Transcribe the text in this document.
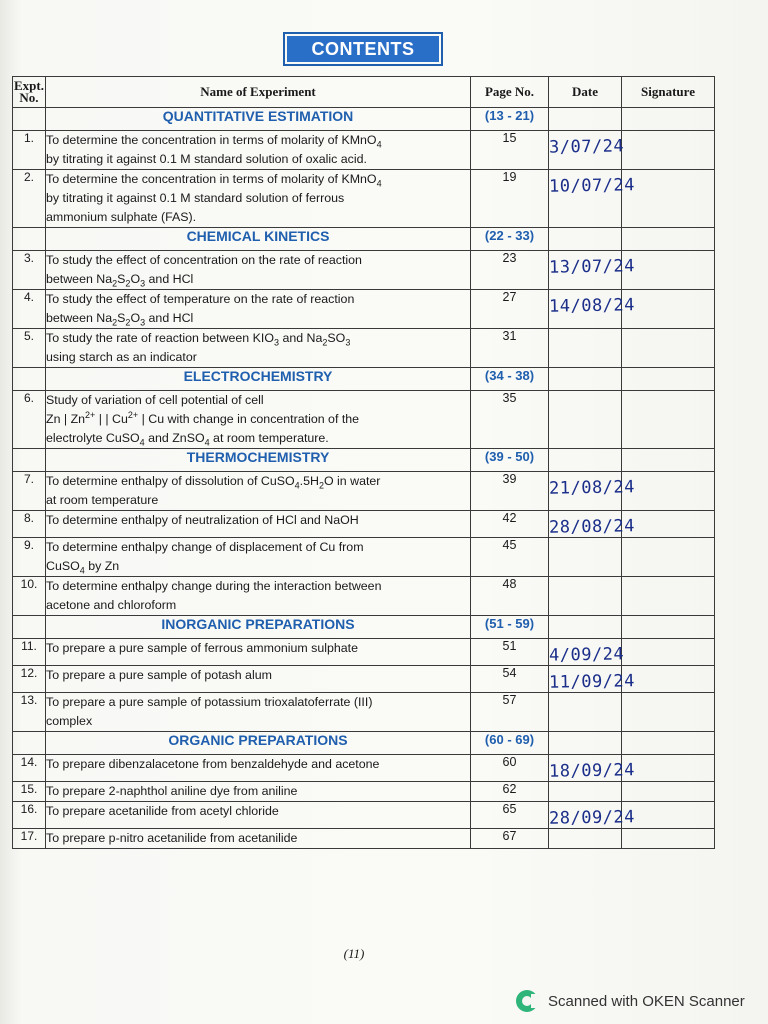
CONTENTS
Expt. No.	Name of Experiment	Page No.	Date	Signature
	QUANTITATIVE ESTIMATION	(13 - 21)		
1.	To determine the concentration in terms of molarity of KMnO$_4$
by titrating it against 0.1 M standard solution of oxalic acid.	15	3/07/24	
2.	To determine the concentration in terms of molarity of KMnO$_4$
by titrating it against 0.1 M standard solution of ferrous
ammonium sulphate (FAS).	19	10/07/24	
	CHEMICAL KINETICS	(22 - 33)		
3.	To study the effect of concentration on the rate of reaction
between $Na_2S_2O_3$ and HCl	23	13/07/24	
4.	To study the effect of temperature on the rate of reaction
between $Na_2S_2O_3$ and HCl	27	14/08/24	
5.	To study the rate of reaction between $KIO_3$ and $Na_2SO_3$
using starch as an indicator	31		
	ELECTROCHEMISTRY	(34 - 38)		
6.	Study of variation of cell potential of cell
Zn | $Zn^{2+}$ | | $Cu^{2+}$ | Cu with change in concentration of the
electrolyte CuSO$_4$ and ZnSO$_4$ at room temperature.	35		
	THERMOCHEMISTRY	(39 - 50)		
7.	To determine enthalpy of dissolution of $CuSO_4.5H_2O$ in water
at room temperature	39	21/08/24	
8.	To determine enthalpy of neutralization of HCl and NaOH	42	28/08/24	
9.	To determine enthalpy change of displacement of Cu from
CuSO$_4$ by Zn	45		
10.	To determine enthalpy change during the interaction between
acetone and chloroform	48		
	INORGANIC PREPARATIONS	(51 - 59)		
11.	To prepare a pure sample of ferrous ammonium sulphate	51	4/09/24	
12.	To prepare a pure sample of potash alum	54	11/09/24	
13.	To prepare a pure sample of potassium trioxalatoferrate (III)
complex	57		
	ORGANIC PREPARATIONS	(60 - 69)		
14.	To prepare dibenzalacetone from benzaldehyde and acetone	60	18/09/24	
15.	To prepare 2-naphthol aniline dye from aniline	62		
16.	To prepare acetanilide from acetyl chloride	65	28/09/24	
17.	To prepare p-nitro acetanilide from acetanilide	67		
(11)
Scanned with OKEN Scanner
